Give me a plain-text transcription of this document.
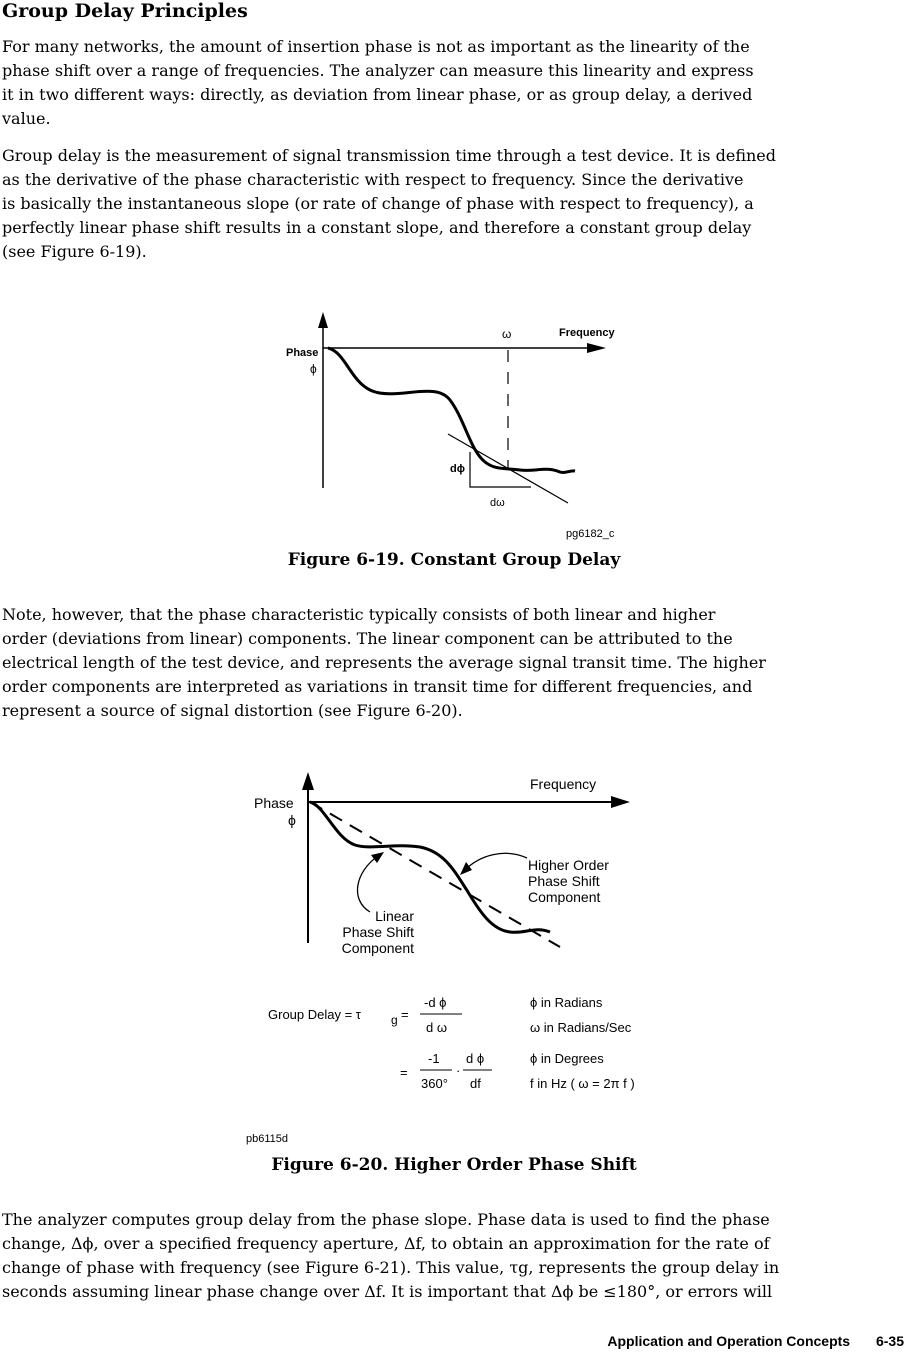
Group Delay Principles

For many networks, the amount of insertion phase is not as important as the linearity of the
phase shift over a range of frequencies. The analyzer can measure this linearity and express
it in two different ways: directly, as deviation from linear phase, or as group delay, a derived
value.

Group delay is the measurement of signal transmission time through a test device. It is defined
as the derivative of the phase characteristic with respect to frequency. Since the derivative
is basically the instantaneous slope (or rate of change of phase with respect to frequency), a
perfectly linear phase shift results in a constant slope, and therefore a constant group delay
(see Figure 6-19).

Phase
ϕ
ω	Frequency
dϕ
dω
pg6182_c

Figure 6-19. Constant Group Delay

Note, however, that the phase characteristic typically consists of both linear and higher
order (deviations from linear) components. The linear component can be attributed to the
electrical length of the test device, and represents the average signal transit time. The higher
order components are interpreted as variations in transit time for different frequencies, and
represent a source of signal distortion (see Figure 6-20).

Frequency
Phase
ϕ
Higher Order
Phase Shift
Component
Linear
Phase Shift
Component
Group Delay = τ	g =
-d ϕ
d ω
ϕ in Radians
ω in Radians/Sec
=
-1
360°
·
d ϕ
df
ϕ in Degrees
f in Hz ( ω = 2π f )
pb6115d

Figure 6-20. Higher Order Phase Shift

The analyzer computes group delay from the phase slope. Phase data is used to find the phase
change, Δϕ, over a specified frequency aperture, Δf, to obtain an approximation for the rate of
change of phase with frequency (see Figure 6-21). This value, τg, represents the group delay in
seconds assuming linear phase change over Δf. It is important that Δϕ be ≤180°, or errors will

Application and Operation Concepts 6-35
